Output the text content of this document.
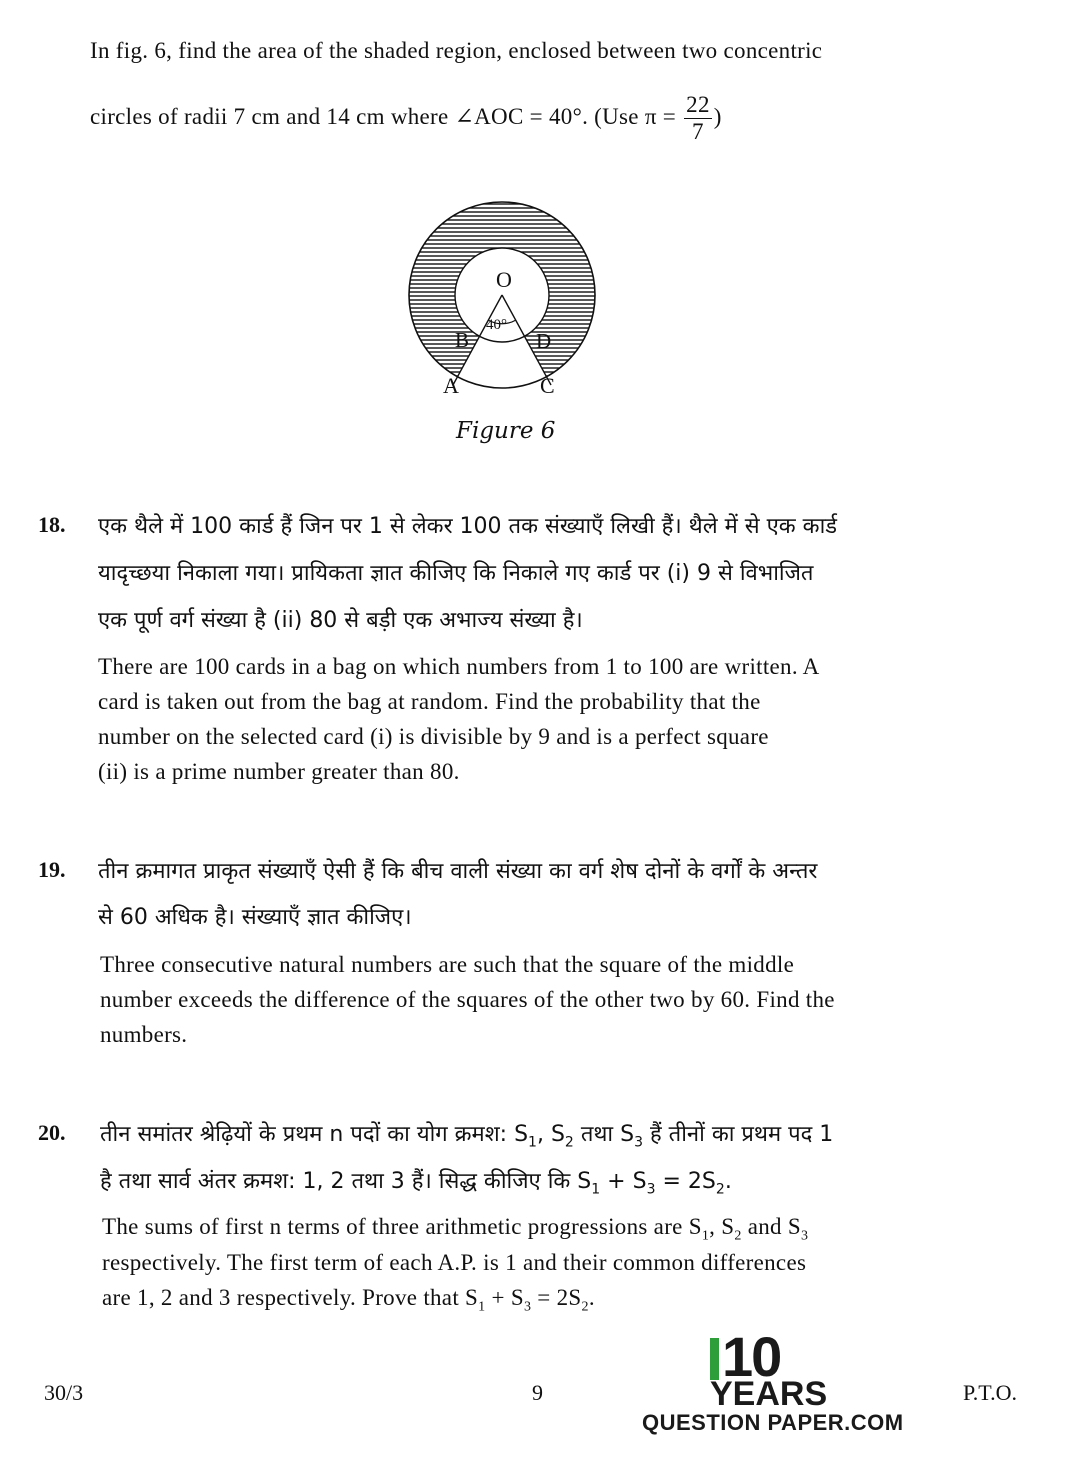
In fig. 6, find the area of the shaded region, enclosed between two concentric
circles of radii 7 cm and 14 cm where ∠AOC = 40°. (Use $\pi = \frac{22}{7}$ )
O
40°
B	D
A	C
Figure 6
18. एक थैले में 100 कार्ड हैं जिन पर 1 से लेकर 100 तक संख्याएँ लिखी हैं। थैले में से एक कार्ड
यादृच्छया निकाला गया। प्रायिकता ज्ञात कीजिए कि निकाले गए कार्ड पर (i) 9 से विभाजित
एक पूर्ण वर्ग संख्या है (ii) 80 से बड़ी एक अभाज्य संख्या है।
There are 100 cards in a bag on which numbers from 1 to 100 are written. A
card is taken out from the bag at random. Find the probability that the
number on the selected card (i) is divisible by 9 and is a perfect square
(ii) is a prime number greater than 80.
19. तीन क्रमागत प्राकृत संख्याएँ ऐसी हैं कि बीच वाली संख्या का वर्ग शेष दोनों के वर्गों के अन्तर
से 60 अधिक है। संख्याएँ ज्ञात कीजिए।
Three consecutive natural numbers are such that the square of the middle
number exceeds the difference of the squares of the other two by 60. Find the
numbers.
20. तीन समांतर श्रेढ़ियों के प्रथम n पदों का योग क्रमश: $S_1$, $S_2$ तथा $S_3$ हैं तीनों का प्रथम पद 1
है तथा सार्व अंतर क्रमश: 1, 2 तथा 3 हैं। सिद्ध कीजिए कि $S_1 + S_3 = 2S_2$.
The sums of first n terms of three arithmetic progressions are $S_1$, $S_2$ and $S_3$
respectively. The first term of each A.P. is 1 and their common differences
are 1, 2 and 3 respectively. Prove that $S_1 + S_3 = 2S_2$.
30/3	9	P.T.O.
10
YEARS
QUESTION PAPER.COM
